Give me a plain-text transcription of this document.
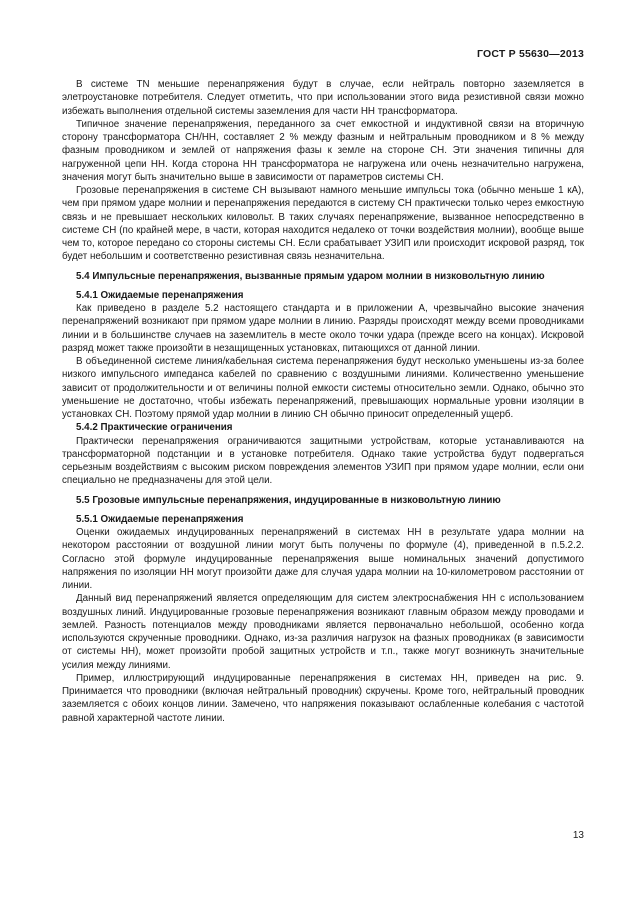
ГОСТ Р 55630—2013

В системе TN меньшие перенапряжения будут в случае, если нейтраль повторно заземляется в элетроустановке потребителя. Следует отметить, что при использовании этого вида резистивной связи можно избежать выполнения отдельной системы заземления для части НН трансформатора.

Типичное значение перенапряжения, переданного за счет емкостной и индуктивной связи на вторичную сторону трансформатора СН/НН, составляет 2 % между фазным и нейтральным проводником и 8 % между фазным проводником и землей от напряжения фазы к земле на стороне СН. Эти значения типичны для нагруженной цепи НН. Когда сторона НН трансформатора не нагружена или очень незначительно нагружена, значения могут быть значительно выше в зависимости от параметров системы СН.

Грозовые перенапряжения в системе СН вызывают намного меньшие импульсы тока (обычно меньше 1 кА), чем при прямом ударе молнии и перенапряжения передаются в систему СН практически только через емкостную связь и не превышает нескольких киловольт. В таких случаях перенапряжение, вызванное непосредственно в системе СН (по крайней мере, в части, которая находится недалеко от точки воздействия молнии), вообще выше чем то, которое передано со стороны системы СН. Если срабатывает УЗИП или происходит искровой разряд, ток будет небольшим и соответственно резистивная связь незначительна.

5.4 Импульсные перенапряжения, вызванные прямым ударом молнии в низковольтную линию

5.4.1 Ожидаемые перенапряжения

Как приведено в разделе 5.2 настоящего стандарта и в приложении А, чрезвычайно высокие значения перенапряжений возникают при прямом ударе молнии в линию. Разряды происходят между всеми проводниками линии и в большинстве случаев на заземлитель в месте около точки удара (прежде всего на концах). Искровой разряд может также произойти в незащищенных установках, питающихся от данной линии.

В объединенной системе линия/кабельная система перенапряжения будут несколько уменьшены из-за более низкого импульсного импеданса кабелей по сравнению с воздушными линиями. Количественно уменьшение зависит от продолжительности и от величины полной емкости системы относительно земли. Однако, обычно это уменьшение не достаточно, чтобы избежать перенапряжений, превышающих нормальные уровни изоляции в установках СН. Поэтому прямой удар молнии в линию СН обычно приносит определенный ущерб.

5.4.2 Практические ограничения

Практически перенапряжения ограничиваются защитными устройствам, которые устанавливаются на трансформаторной подстанции и в установке потребителя. Однако такие устройства будут подвергаться серьезным воздействиям с высоким риском повреждения элементов УЗИП при прямом ударе молнии, если они специально не предназначены для этой цели.

5.5 Грозовые импульсные перенапряжения, индуцированные в низковольтную линию

5.5.1 Ожидаемые перенапряжения

Оценки ожидаемых индуцированных перенапряжений в системах НН в результате удара молнии на некотором расстоянии от воздушной линии могут быть получены по формуле (4), приведенной в п.5.2.2. Согласно этой формуле индуцированные перенапряжения выше номинальных значений допустимого напряжения по изоляции НН могут произойти даже для случая удара молнии на 10-километровом расстоянии от линии.

Данный вид перенапряжений является определяющим для систем электроснабжения НН с использованием воздушных линий. Индуцированные грозовые перенапряжения возникают главным образом между проводами и землей. Разность потенциалов между проводниками является первоначально небольшой, особенно когда используются скрученные проводники. Однако, из-за различия нагрузок на фазных проводниках (в зависимости от системы НН), может произойти пробой защитных устройств и т.п., также могут возникнуть значительные усилия между линиями.

Пример, иллюстрирующий индуцированные перенапряжения в системах НН, приведен на рис. 9. Принимается что проводники (включая нейтральный проводник) скручены. Кроме того, нейтральный проводник заземляется с обоих концов линии. Замечено, что напряжения показывают ослабленные колебания с частотой равной характерной частоте линии.

13
